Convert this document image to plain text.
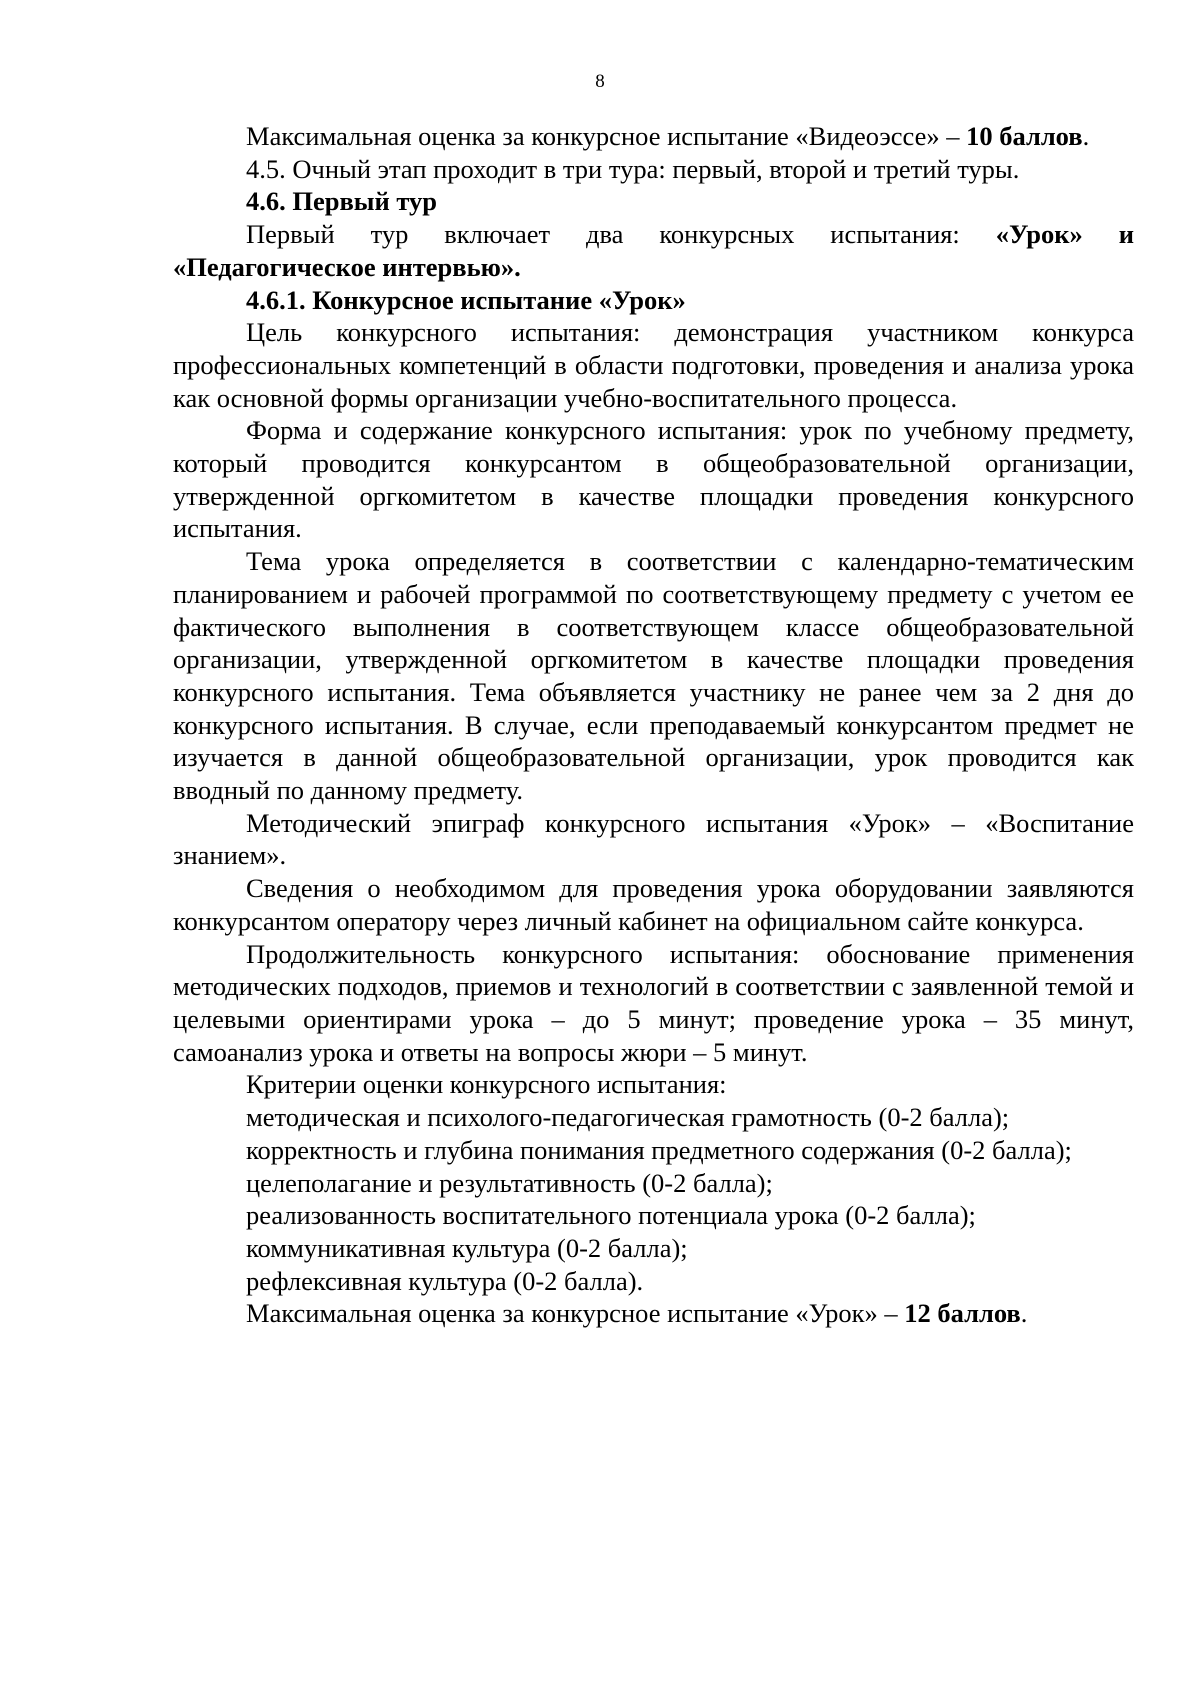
8

Максимальная оценка за конкурсное испытание «Видеоэссе» – 10 баллов.

4.5. Очный этап проходит в три тура: первый, второй и третий туры.

4.6. Первый тур

Первый тур включает два конкурсных испытания: «Урок» и «Педагогическое интервью».

4.6.1. Конкурсное испытание «Урок»

Цель конкурсного испытания: демонстрация участником конкурса профессиональных компетенций в области подготовки, проведения и анализа урока как основной формы организации учебно-воспитательного процесса.

Форма и содержание конкурсного испытания: урок по учебному предмету, который проводится конкурсантом в общеобразовательной организации, утвержденной оргкомитетом в качестве площадки проведения конкурсного испытания.

Тема урока определяется в соответствии с календарно-тематическим планированием и рабочей программой по соответствующему предмету с учетом ее фактического выполнения в соответствующем классе общеобразовательной организации, утвержденной оргкомитетом в качестве площадки проведения конкурсного испытания. Тема объявляется участнику не ранее чем за 2 дня до конкурсного испытания. В случае, если преподаваемый конкурсантом предмет не изучается в данной общеобразовательной организации, урок проводится как вводный по данному предмету.

Методический эпиграф конкурсного испытания «Урок» – «Воспитание знанием».

Сведения о необходимом для проведения урока оборудовании заявляются конкурсантом оператору через личный кабинет на официальном сайте конкурса.

Продолжительность конкурсного испытания: обоснование применения методических подходов, приемов и технологий в соответствии с заявленной темой и целевыми ориентирами урока – до 5 минут; проведение урока – 35 минут, самоанализ урока и ответы на вопросы жюри – 5 минут.

Критерии оценки конкурсного испытания:

методическая и психолого-педагогическая грамотность (0-2 балла);

корректность и глубина понимания предметного содержания (0-2 балла);

целеполагание и результативность (0-2 балла);

реализованность воспитательного потенциала урока (0-2 балла);

коммуникативная культура (0-2 балла);

рефлексивная культура (0-2 балла).

Максимальная оценка за конкурсное испытание «Урок» – 12 баллов.
